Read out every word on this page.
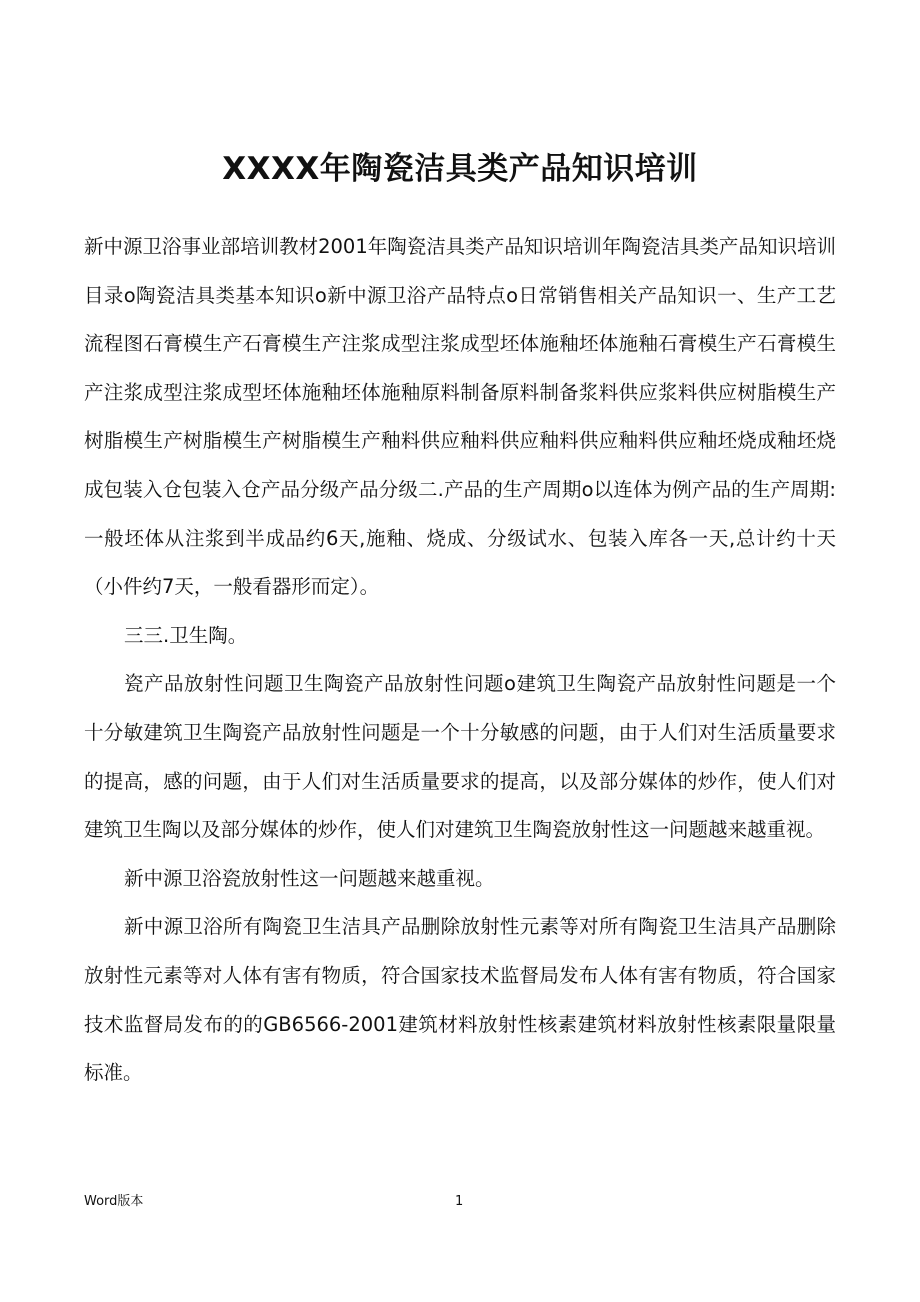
XXXX年陶瓷洁具类产品知识培训

新中源卫浴事业部培训教材2001年陶瓷洁具类产品知识培训年陶瓷洁具类产品知识培训目录o陶瓷洁具类基本知识o新中源卫浴产品特点o日常销售相关产品知识一、生产工艺流程图石膏模生产石膏模生产注浆成型注浆成型坯体施釉坯体施釉石膏模生产石膏模生产注浆成型注浆成型坯体施釉坯体施釉原料制备原料制备浆料供应浆料供应树脂模生产树脂模生产树脂模生产树脂模生产釉料供应釉料供应釉料供应釉料供应釉坯烧成釉坯烧成包装入仓包装入仓产品分级产品分级二.产品的生产周期o以连体为例产品的生产周期:一般坯体从注浆到半成品约6天,施釉、烧成、分级试水、包装入库各一天,总计约十天（小件约7天，一般看器形而定）。

三三.卫生陶。

瓷产品放射性问题卫生陶瓷产品放射性问题o建筑卫生陶瓷产品放射性问题是一个十分敏建筑卫生陶瓷产品放射性问题是一个十分敏感的问题，由于人们对生活质量要求的提高，感的问题，由于人们对生活质量要求的提高，以及部分媒体的炒作，使人们对建筑卫生陶以及部分媒体的炒作，使人们对建筑卫生陶瓷放射性这一问题越来越重视。

新中源卫浴瓷放射性这一问题越来越重视。

新中源卫浴所有陶瓷卫生洁具产品删除放射性元素等对所有陶瓷卫生洁具产品删除放射性元素等对人体有害有物质，符合国家技术监督局发布人体有害有物质，符合国家技术监督局发布的的GB6566-2001建筑材料放射性核素建筑材料放射性核素限量限量标准。

Word版本	1
